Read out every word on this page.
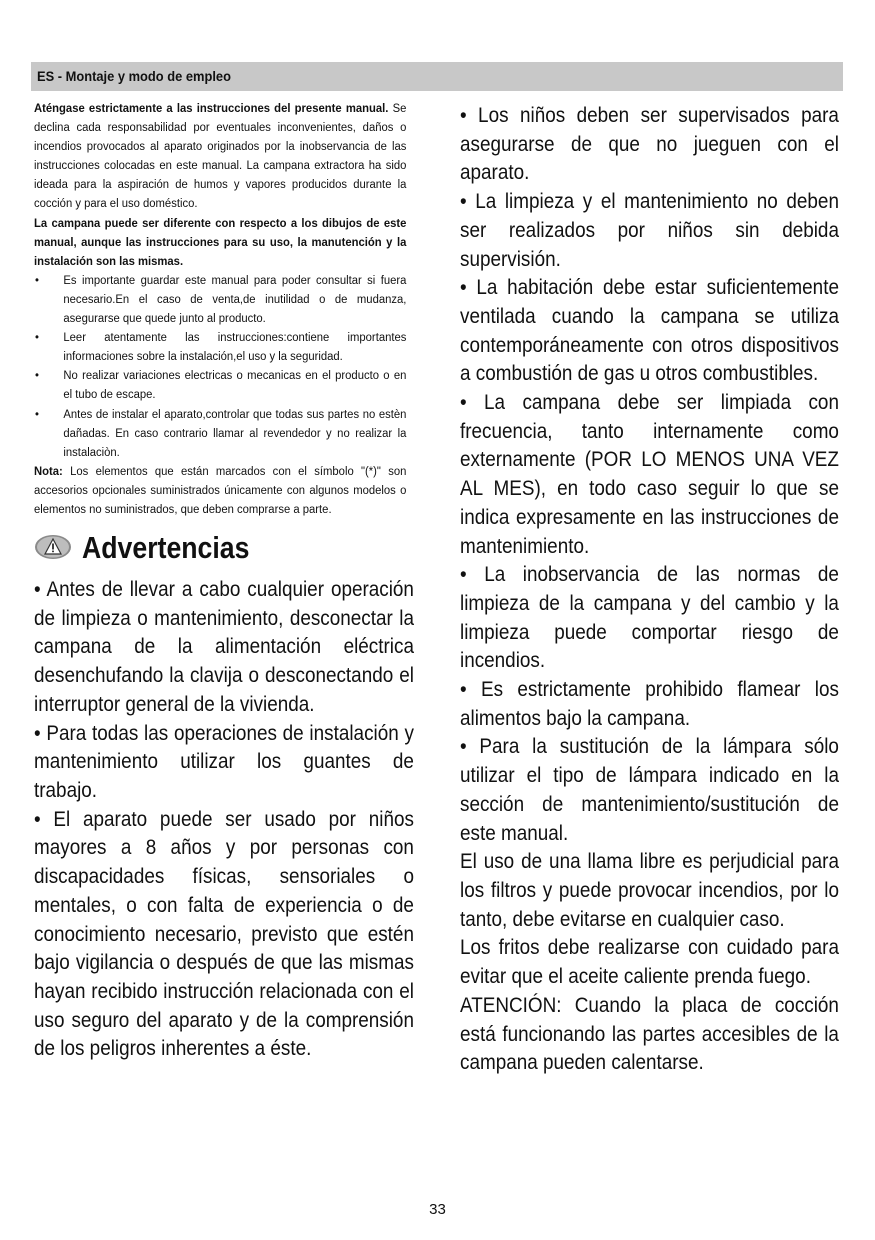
ES - Montaje y modo de empleo

Aténgase estrictamente a las instrucciones del presente manual. Se declina cada responsabilidad por eventuales inconvenientes, daños o incendios provocados al aparato originados por la inobservancia de las instrucciones colocadas en este manual. La campana extractora ha sido ideada para la aspiración de humos y vapores producidos durante la cocción y para el uso doméstico.

La campana puede ser diferente con respecto a los dibujos de este manual, aunque las instrucciones para su uso, la manutención y la instalación son las mismas.

• Es importante guardar este manual para poder consultar si fuera necesario.En el caso de venta,de inutilidad o de mudanza, asegurarse que quede junto al producto.
• Leer atentamente las instrucciones:contiene importantes informaciones sobre la instalación,el uso y la seguridad.
• No realizar variaciones electricas o mecanicas en el producto o en el tubo de escape.
• Antes de instalar el aparato,controlar que todas sus partes no estèn dañadas. En caso contrario llamar al revendedor y no realizar la instalaciòn.

Nota: Los elementos que están marcados con el símbolo "(*)" son accesorios opcionales suministrados únicamente con algunos modelos o elementos no suministrados, que deben comprarse a parte.

Advertencias

• Antes de llevar a cabo cualquier operación de limpieza o mantenimiento, desconectar la campana de la alimentación eléctrica desenchufando la clavija o desconectando el interruptor general de la vivienda.

• Para todas las operaciones de instalación y mantenimiento utilizar los guantes de trabajo.

• El aparato puede ser usado por niños mayores a 8 años y por personas con discapacidades físicas, sensoriales o mentales, o con falta de experiencia o de conocimiento necesario, previsto que estén bajo vigilancia o después de que las mismas hayan recibido instrucción relacionada con el uso seguro del aparato y de la comprensión de los peligros inherentes a éste.

• Los niños deben ser supervisados para asegurarse de que no jueguen con el aparato.

• La limpieza y el mantenimiento no deben ser realizados por niños sin debida supervisión.

• La habitación debe estar suficientemente ventilada cuando la campana se utiliza contemporáneamente con otros dispositivos a combustión de gas u otros combustibles.

• La campana debe ser limpiada con frecuencia, tanto internamente como externamente (POR LO MENOS UNA VEZ AL MES), en todo caso seguir lo que se indica expresamente en las instrucciones de mantenimiento.

• La inobservancia de las normas de limpieza de la campana y del cambio y la limpieza puede comportar riesgo de incendios.

• Es estrictamente prohibido flamear los alimentos bajo la campana.

• Para la sustitución de la lámpara sólo utilizar el tipo de lámpara indicado en la sección de mantenimiento/sustitución de este manual.

El uso de una llama libre es perjudicial para los filtros y puede provocar incendios, por lo tanto, debe evitarse en cualquier caso.

Los fritos debe realizarse con cuidado para evitar que el aceite caliente prenda fuego.

ATENCIÓN: Cuando la placa de cocción está funcionando las partes accesibles de la campana pueden calentarse.

33
